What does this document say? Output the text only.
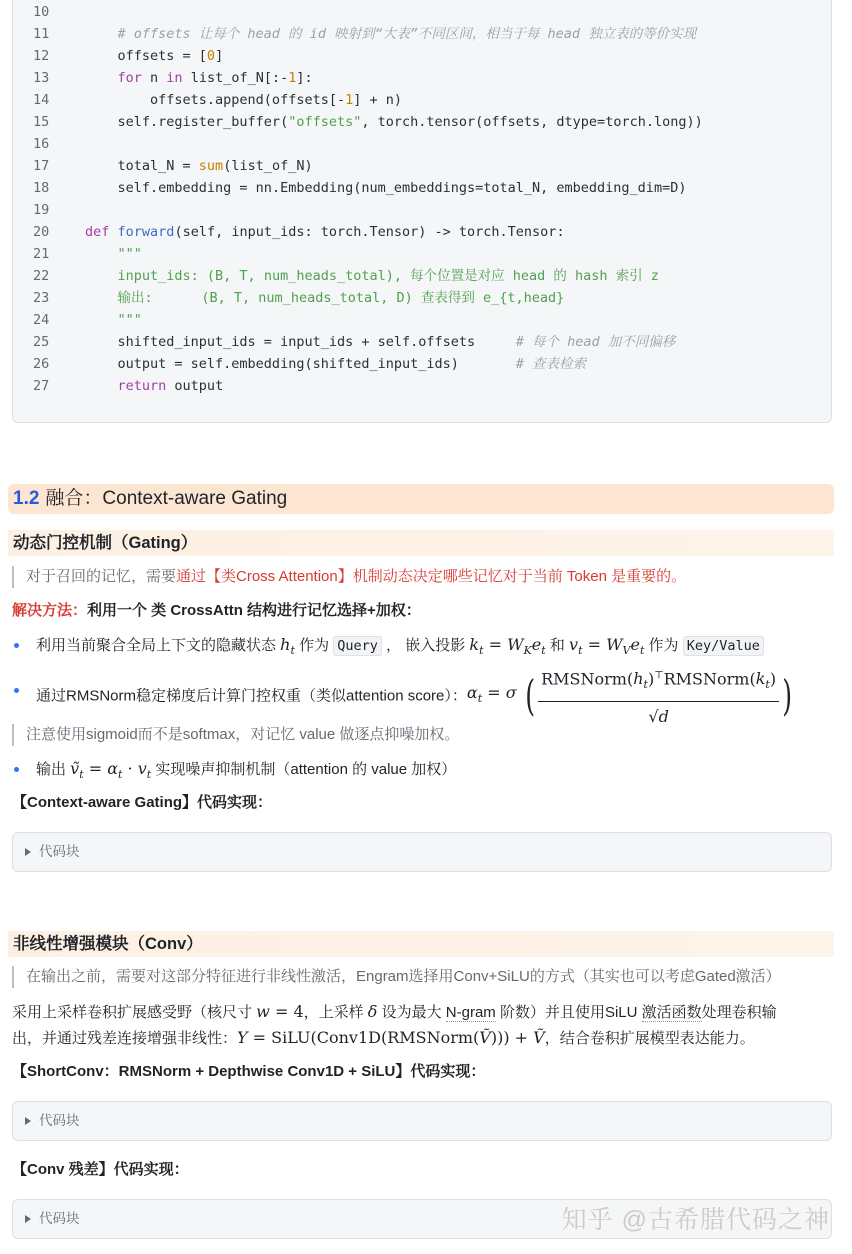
10
11	# offsets 让每个 head 的 id 映射到“大表”不同区间，相当于每 head 独立表的等价实现
12	offsets = [0]
13	for n in list_of_N[:-1]:
14	offsets.append(offsets[-1] + n)
15	self.register_buffer("offsets", torch.tensor(offsets, dtype=torch.long))
16
17	total_N = sum(list_of_N)
18	self.embedding = nn.Embedding(num_embeddings=total_N, embedding_dim=D)
19
20	def forward(self, input_ids: torch.Tensor) -> torch.Tensor:
21	"""
22	input_ids: (B, T, num_heads_total), 每个位置是对应 head 的 hash 索引 z
23	输出:      (B, T, num_heads_total, D) 查表得到 e_{t,head}
24	"""
25	shifted_input_ids = input_ids + self.offsets     # 每个 head 加不同偏移
26	output = self.embedding(shifted_input_ids)       # 查表检索
27	return output
1.2 融合：Context-aware Gating
动态门控机制（Gating）
对于召回的记忆，需要通过【类Cross Attention】机制动态决定哪些记忆对于当前 Token 是重要的。
解决方法：利用一个 类 CrossAttn 结构进行记忆选择+加权：
利用当前聚合全局上下文的隐藏状态 $h_t$ 作为 Query ， 嵌入投影 $k_t = W_Ke_t$ 和 $v_t = W_Ve_t$ 作为 Key/Value
通过RMSNorm稳定梯度后计算门控权重（类似attention score）：$\alpha_t = \sigma$ ( $\frac{RMSNorm(h_t)^⊤RMSNorm(k_t)}{√d}$ )
注意使用sigmoid而不是softmax，对记忆 value 做逐点抑噪加权。
输出 ṽ$_t$ = $\alpha_t \cdot v_t$ 实现噪声抑制机制（attention 的 value 加权）
【Context-aware Gating】代码实现：
代码块
非线性增强模块（Conv）
在输出之前，需要对这部分特征进行非线性激活，Engram选择用Conv+SiLU的方式（其实也可以考虑Gated激活）
采用上采样卷积扩展感受野（核尺寸 w = 4，上采样 δ 设为最大 N-gram 阶数）并且使用SiLU 激活函数处理卷积输
出，并通过残差连接增强非线性：Y = SiLU(Conv1D(RMSNorm(Ṽ))) + Ṽ，结合卷积扩展模型表达能力。
【ShortConv：RMSNorm + Depthwise Conv1D + SiLU】代码实现：
代码块
【Conv 残差】代码实现：
代码块	知乎 @古希腊代码之神
